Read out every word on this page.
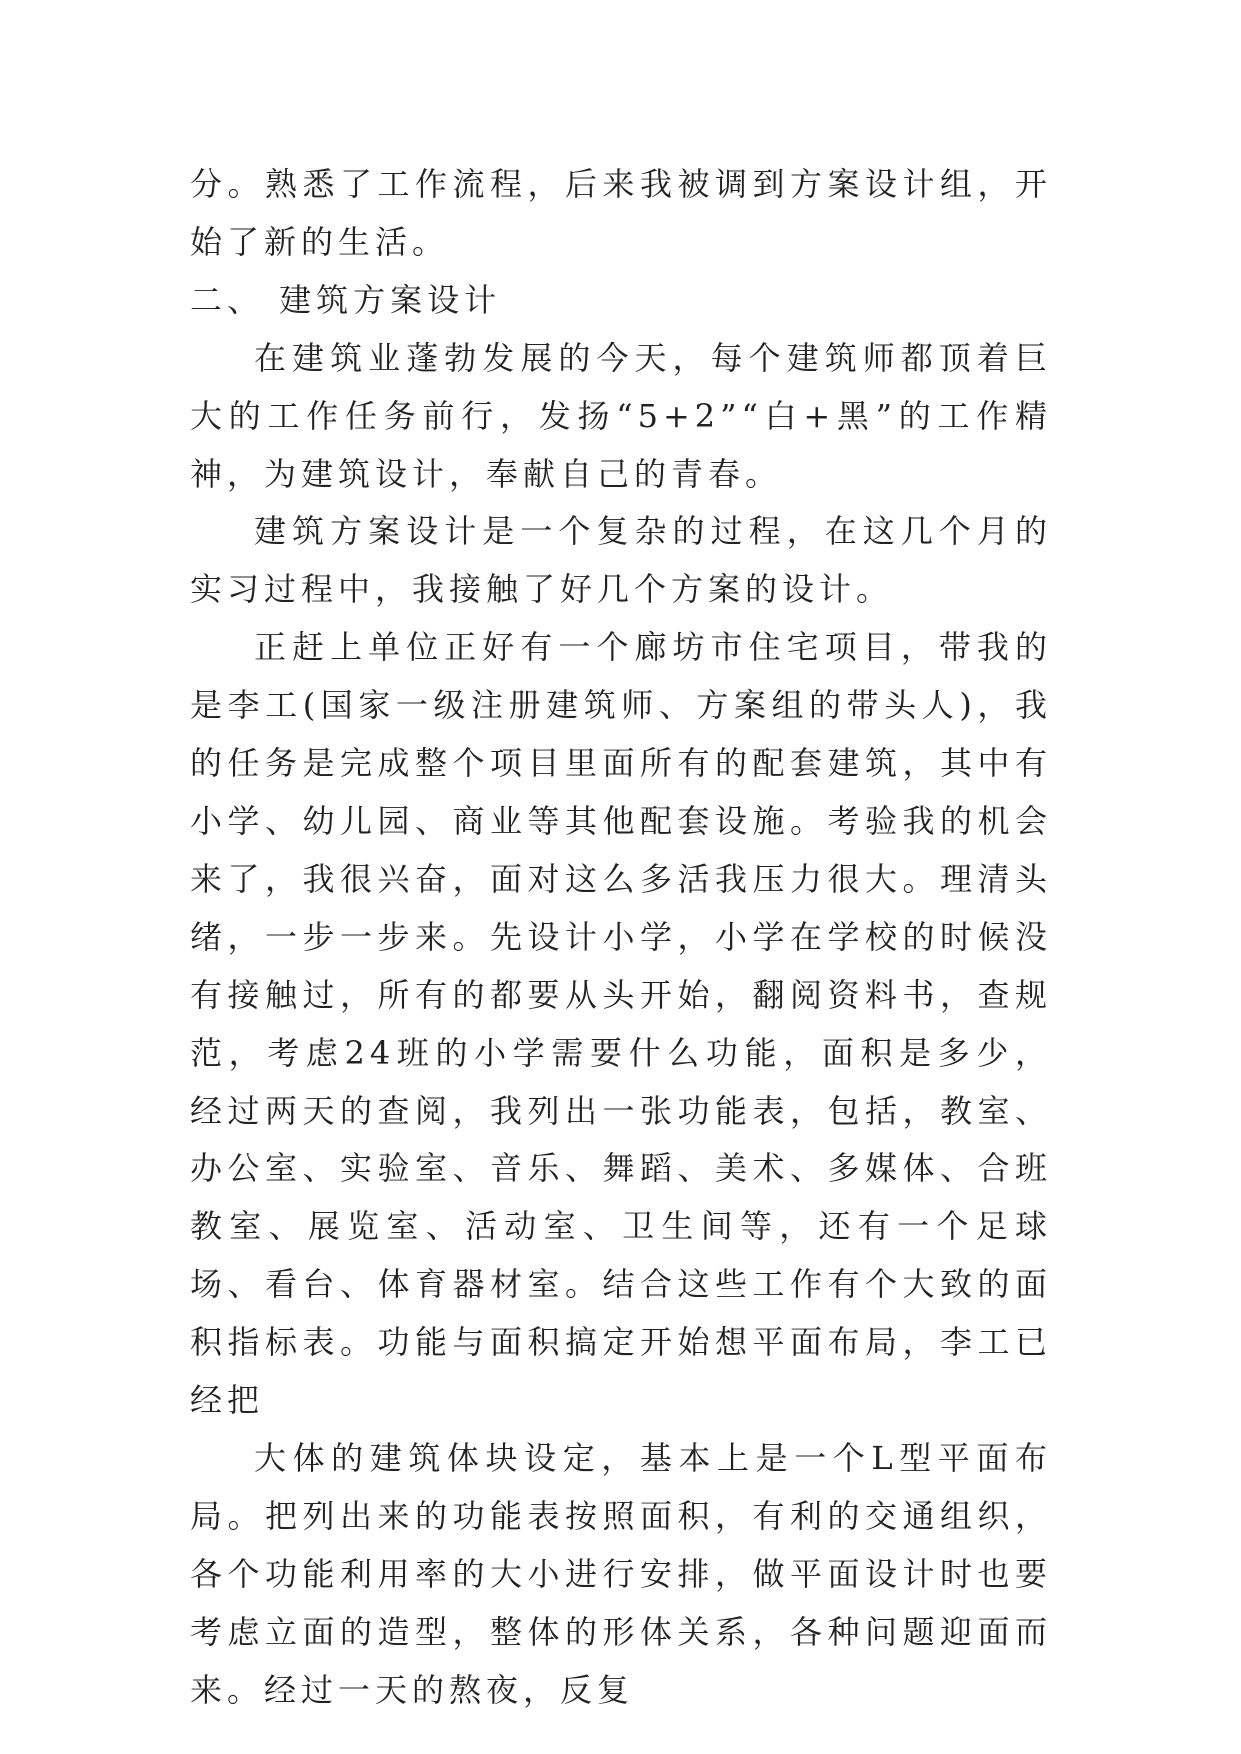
分。熟悉了工作流程，后来我被调到方案设计组，开始了新的生活。

二、 建筑方案设计

在建筑业蓬勃发展的今天，每个建筑师都顶着巨大的工作任务前行，发扬“5+2”“白+黑”的工作精神，为建筑设计，奉献自己的青春。

建筑方案设计是一个复杂的过程，在这几个月的实习过程中，我接触了好几个方案的设计。

正赶上单位正好有一个廊坊市住宅项目，带我的是李工(国家一级注册建筑师、方案组的带头人)，我的任务是完成整个项目里面所有的配套建筑，其中有小学、幼儿园、商业等其他配套设施。考验我的机会来了，我很兴奋，面对这么多活我压力很大。理清头绪，一步一步来。先设计小学，小学在学校的时候没有接触过，所有的都要从头开始，翻阅资料书，查规范，考虑24班的小学需要什么功能，面积是多少，经过两天的查阅，我列出一张功能表，包括，教室、办公室、实验室、音乐、舞蹈、美术、多媒体、合班教室、展览室、活动室、卫生间等，还有一个足球场、看台、体育器材室。结合这些工作有个大致的面积指标表。功能与面积搞定开始想平面布局，李工已经把

大体的建筑体块设定，基本上是一个L型平面布局。把列出来的功能表按照面积，有利的交通组织，各个功能利用率的大小进行安排，做平面设计时也要考虑立面的造型，整体的形体关系，各种问题迎面而来。经过一天的熬夜，反复
